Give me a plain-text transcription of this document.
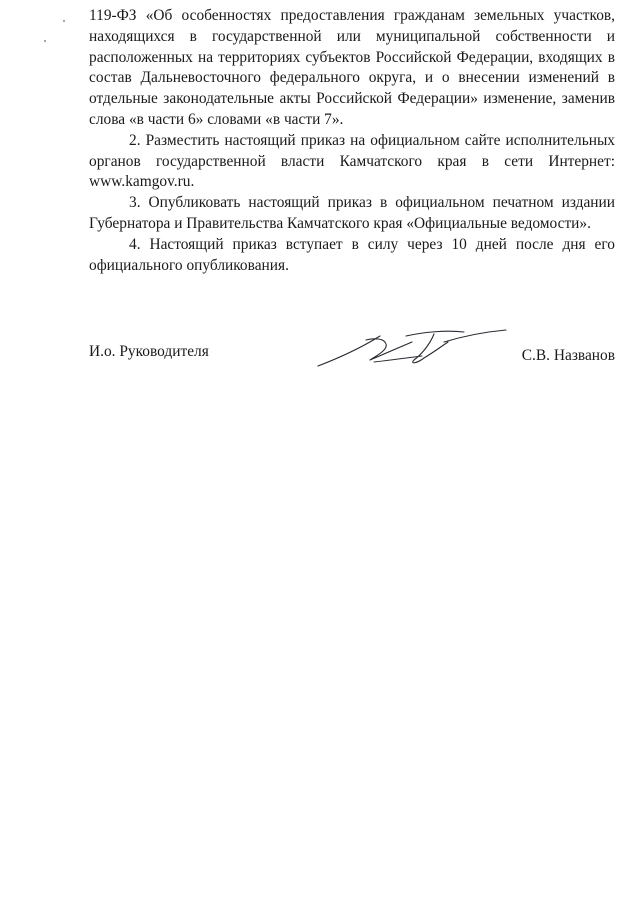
119-ФЗ «Об особенностях предоставления гражданам земельных участков, находящихся в государственной или муниципальной собственности и расположенных на территориях субъектов Российской Федерации, входящих в состав Дальневосточного федерального округа, и о внесении изменений в отдельные законодательные акты Российской Федерации» изменение, заменив слова «в части 6» словами «в части 7».

2. Разместить настоящий приказ на официальном сайте исполнительных органов государственной власти Камчатского края в сети Интернет: www.kamgov.ru.

3. Опубликовать настоящий приказ в официальном печатном издании Губернатора и Правительства Камчатского края «Официальные ведомости».

4. Настоящий приказ вступает в силу через 10 дней после дня его официального опубликования.

И.о. Руководителя	С.В. Названов
